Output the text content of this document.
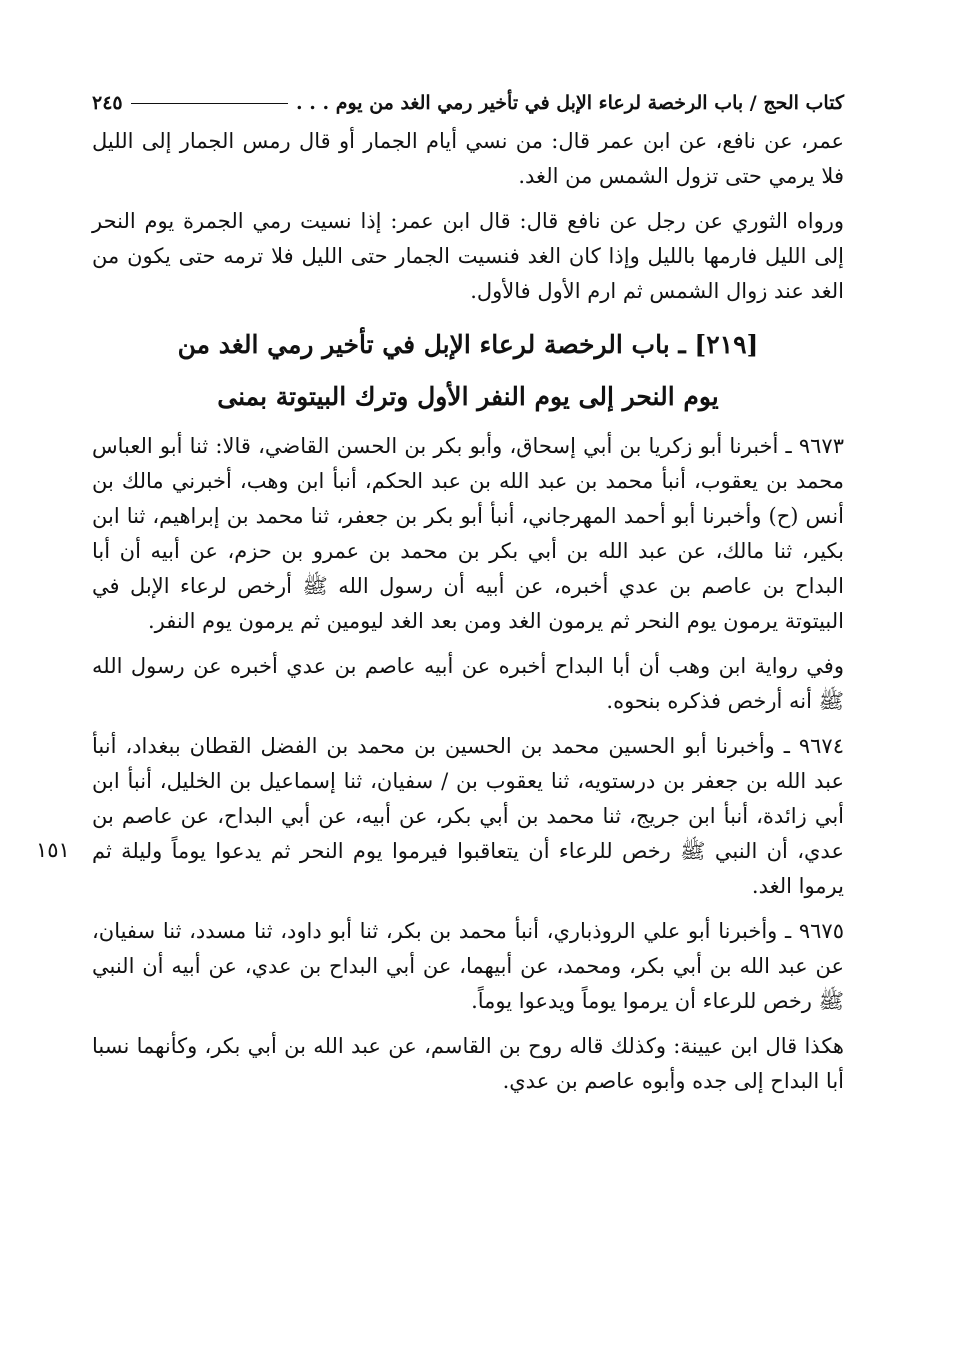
كتاب الحج / باب الرخصة لرعاء الإبل في تأخير رمي الغد من يوم . . .
٢٤٥

عمر، عن نافع، عن ابن عمر قال: من نسي أيام الجمار أو قال رمس الجمار إلى الليل فلا يرمي حتى تزول الشمس من الغد.

ورواه الثوري عن رجل عن نافع قال: قال ابن عمر: إذا نسيت رمي الجمرة يوم النحر إلى الليل فارمها بالليل وإذا كان الغد فنسيت الجمار حتى الليل فلا ترمه حتى يكون من الغد عند زوال الشمس ثم ارم الأول فالأول.

[٢١٩] ـ باب الرخصة لرعاء الإبل في تأخير رمي الغد من
يوم النحر إلى يوم النفر الأول وترك البيتوتة بمنى

٩٦٧٣ ـ أخبرنا أبو زكريا بن أبي إسحاق، وأبو بكر بن الحسن القاضي، قالا: ثنا أبو العباس محمد بن يعقوب، أنبأ محمد بن عبد الله بن عبد الحكم، أنبأ ابن وهب، أخبرني مالك بن أنس (ح) وأخبرنا أبو أحمد المهرجاني، أنبأ أبو بكر بن جعفر، ثنا محمد بن إبراهيم، ثنا ابن بكير، ثنا مالك، عن عبد الله بن أبي بكر بن محمد بن عمرو بن حزم، عن أبيه أن أبا البداح بن عاصم بن عدي أخبره، عن أبيه أن رسول الله ﷺ أرخص لرعاء الإبل في البيتوتة يرمون يوم النحر ثم يرمون الغد ومن بعد الغد ليومين ثم يرمون يوم النفر.

وفي رواية ابن وهب أن أبا البداح أخبره عن أبيه عاصم بن عدي أخبره عن رسول الله ﷺ أنه أرخص فذكره بنحوه.

٩٦٧٤ ـ وأخبرنا أبو الحسين محمد بن الحسين بن محمد بن الفضل القطان ببغداد، أنبأ عبد الله بن جعفر بن درستويه، ثنا يعقوب بن / سفيان، ثنا إسماعيل بن الخليل، أنبأ ابن أبي زائدة، أنبأ ابن جريج، ثنا محمد بن أبي بكر، عن أبيه، عن أبي البداح، عن عاصم بن عدي، أن النبي ﷺ رخص للرعاء أن يتعاقبوا فيرموا يوم النحر ثم يدعوا يوماً وليلة ثم يرموا الغد.

٩٦٧٥ ـ وأخبرنا أبو علي الروذباري، أنبأ محمد بن بكر، ثنا أبو داود، ثنا مسدد، ثنا سفيان، عن عبد الله بن أبي بكر، ومحمد، عن أبيهما، عن أبي البداح بن عدي، عن أبيه أن النبي ﷺ رخص للرعاء أن يرموا يوماً ويدعوا يوماً.

هكذا قال ابن عيينة: وكذلك قاله روح بن القاسم، عن عبد الله بن أبي بكر، وكأنهما نسبا أبا البداح إلى جده وأبوه عاصم بن عدي.

١٥١
